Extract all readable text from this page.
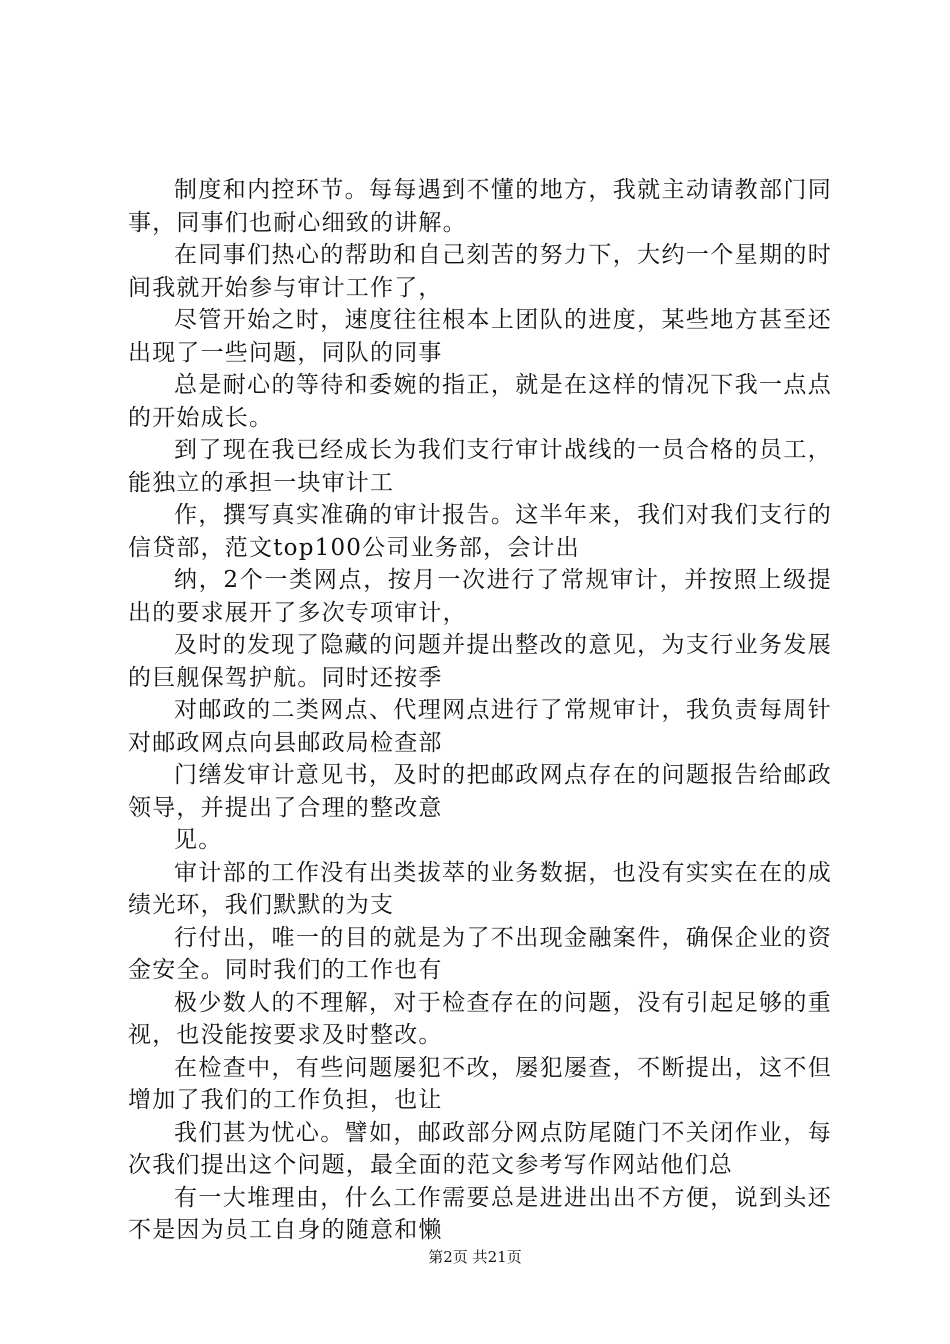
制度和内控环节。每每遇到不懂的地方，我就主动请教部门同事，同事们也耐心细致的讲解。

在同事们热心的帮助和自己刻苦的努力下，大约一个星期的时间我就开始参与审计工作了，

尽管开始之时，速度往往根本上团队的进度，某些地方甚至还出现了一些问题，同队的同事

总是耐心的等待和委婉的指正，就是在这样的情况下我一点点的开始成长。

到了现在我已经成长为我们支行审计战线的一员合格的员工，能独立的承担一块审计工

作，撰写真实准确的审计报告。这半年来，我们对我们支行的信贷部，范文top100公司业务部，会计出

纳，2个一类网点，按月一次进行了常规审计，并按照上级提出的要求展开了多次专项审计，

及时的发现了隐藏的问题并提出整改的意见，为支行业务发展的巨舰保驾护航。同时还按季

对邮政的二类网点、代理网点进行了常规审计，我负责每周针对邮政网点向县邮政局检查部

门缮发审计意见书，及时的把邮政网点存在的问题报告给邮政领导，并提出了合理的整改意

见。

审计部的工作没有出类拔萃的业务数据，也没有实实在在的成绩光环，我们默默的为支

行付出，唯一的目的就是为了不出现金融案件，确保企业的资金安全。同时我们的工作也有

极少数人的不理解，对于检查存在的问题，没有引起足够的重视，也没能按要求及时整改。

在检查中，有些问题屡犯不改，屡犯屡查，不断提出，这不但增加了我们的工作负担，也让

我们甚为忧心。譬如，邮政部分网点防尾随门不关闭作业，每次我们提出这个问题，最全面的范文参考写作网站他们总

有一大堆理由，什么工作需要总是进进出出不方便，说到头还不是因为员工自身的随意和懒

第2页 共21页
